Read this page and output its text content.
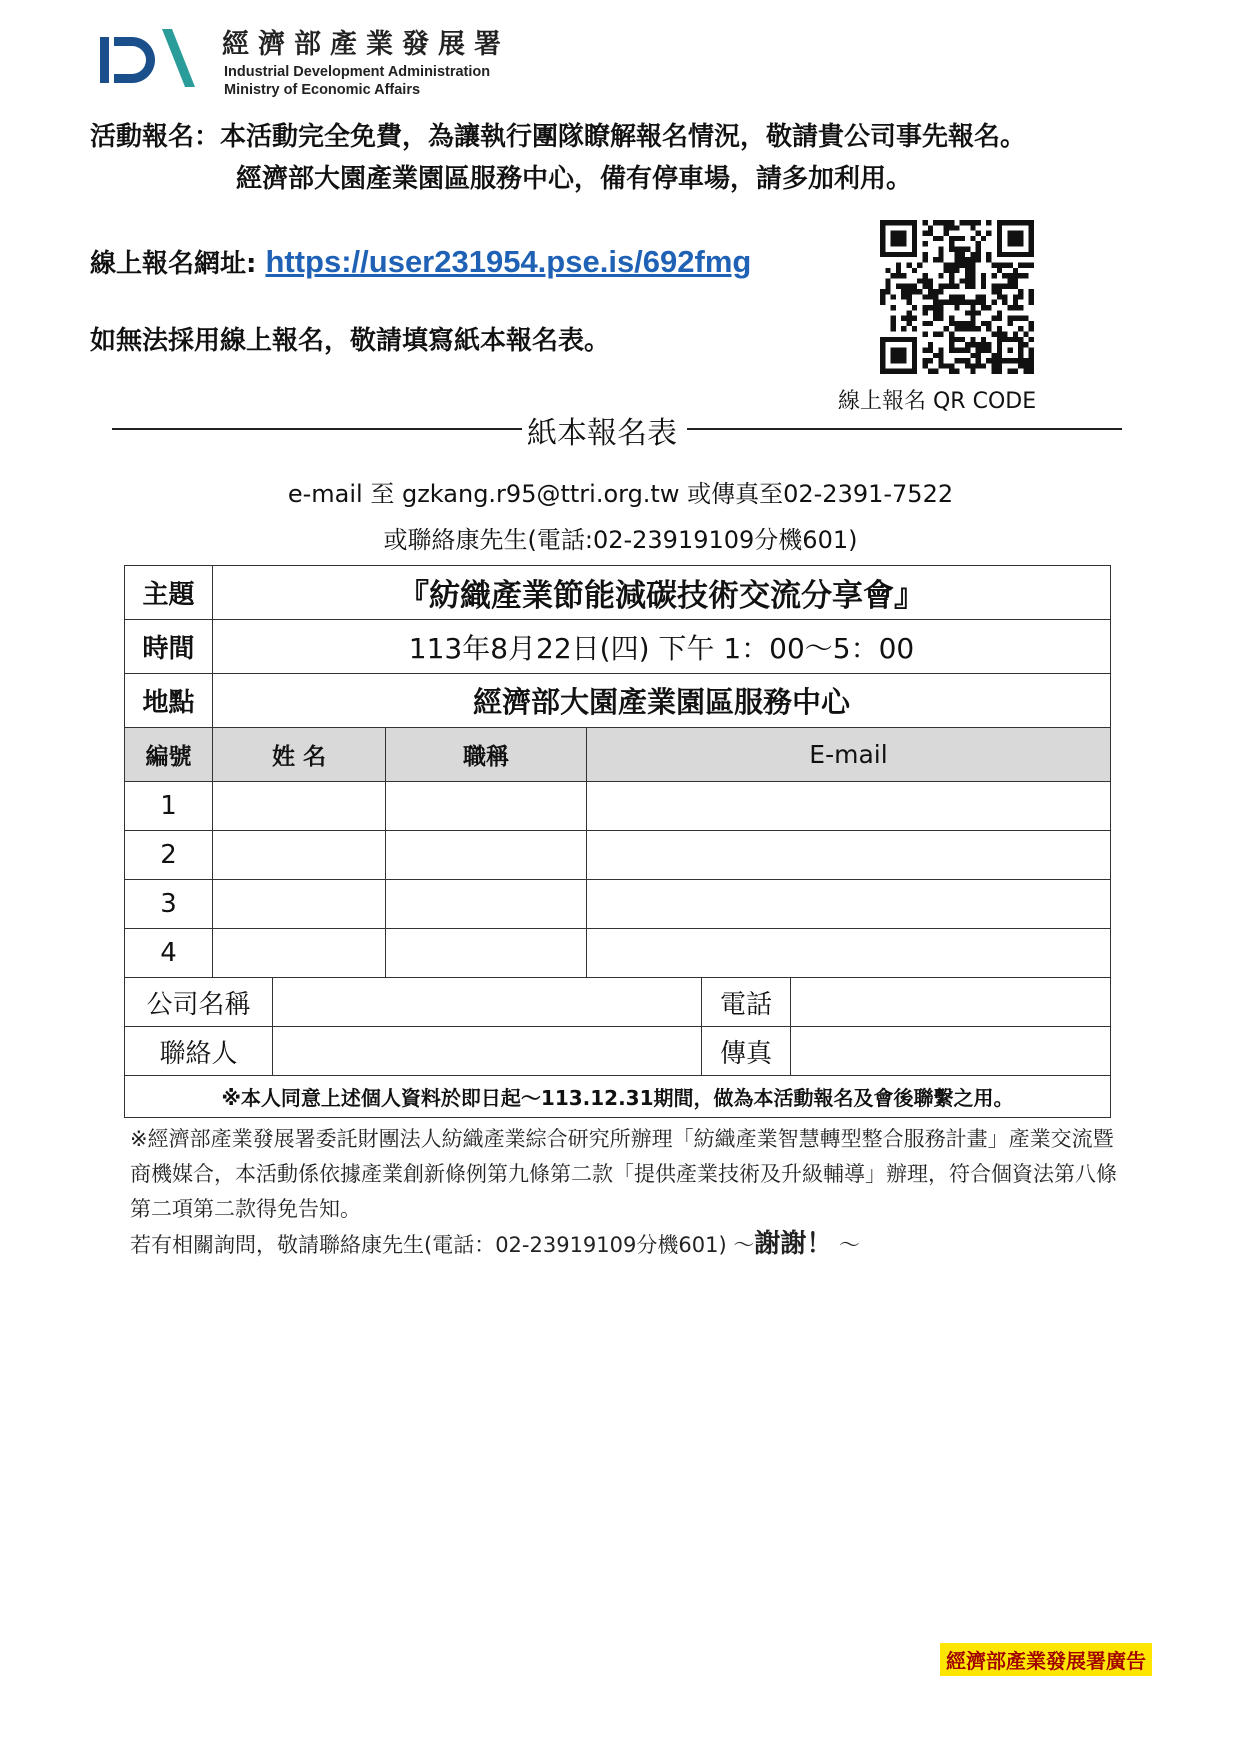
經濟部產業發展署
Industrial Development Administration
Ministry of Economic Affairs
活動報名：本活動完全免費，為讓執行團隊瞭解報名情況，敬請貴公司事先報名。
經濟部大園產業園區服務中心，備有停車場，請多加利用。
線上報名網址: https://user231954.pse.is/692fmg
如無法採用線上報名，敬請填寫紙本報名表。
線上報名 QR CODE
紙本報名表
e-mail 至 gzkang.r95@ttri.org.tw 或傳真至02-2391-7522
或聯絡康先生(電話:02-23919109分機601)
主題	『紡織產業節能減碳技術交流分享會』
時間	113年8月22日(四) 下午 1：00～5：00
地點	經濟部大園產業園區服務中心
編號	姓 名	職稱	E-mail
1
2
3
4
公司名稱	電話
聯絡人	傳真
※本人同意上述個人資料於即日起～113.12.31期間，做為本活動報名及會後聯繫之用。

※經濟部產業發展署委託財團法人紡織產業綜合研究所辦理「紡織產業智慧轉型整合服務計畫」產業交流暨商機媒合，本活動係依據產業創新條例第九條第二款「提供產業技術及升級輔導」辦理，符合個資法第八條第二項第二款得免告知。

若有相關詢問，敬請聯絡康先生(電話：02-23919109分機601) ～謝謝！ ～

經濟部產業發展署廣告
